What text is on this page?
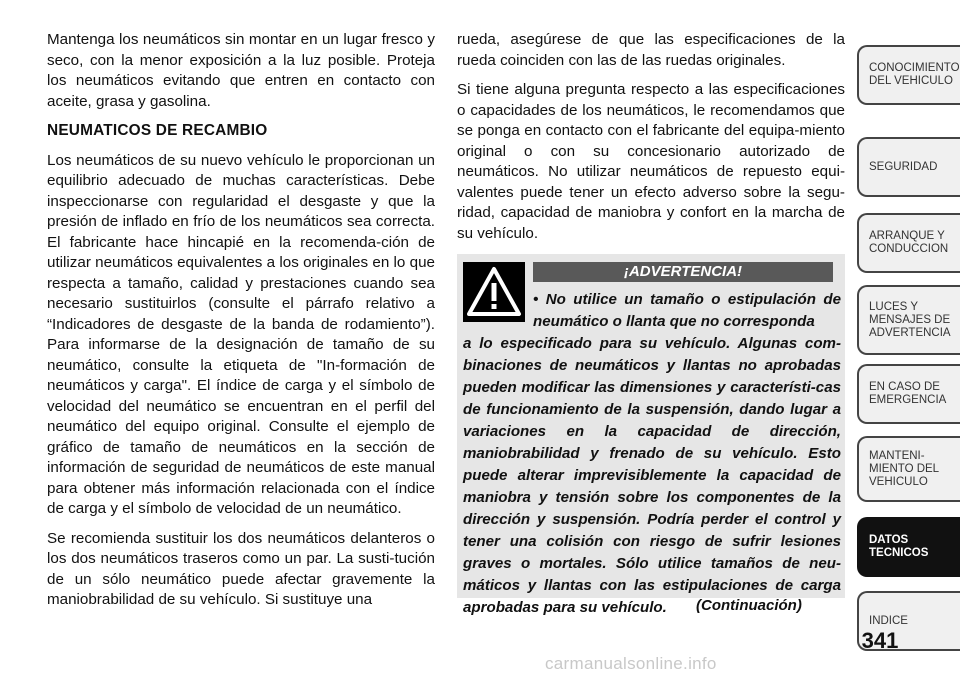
Mantenga los neumáticos sin montar en un lugar fresco y seco, con la menor exposición a la luz posible. Proteja los neumáticos evitando que entren en contacto con aceite, grasa y gasolina.

NEUMATICOS DE RECAMBIO

Los neumáticos de su nuevo vehículo le proporcionan un equilibrio adecuado de muchas características. Debe inspeccionarse con regularidad el desgaste y que la presión de inflado en frío de los neumáticos sea correcta. El fabricante hace hincapié en la recomenda-ción de utilizar neumáticos equivalentes a los originales en lo que respecta a tamaño, calidad y prestaciones cuando sea necesario sustituirlos (consulte el párrafo relativo a “Indicadores de desgaste de la banda de rodamiento”). Para informarse de la designación de tamaño de su neumático, consulte la etiqueta de "In-formación de neumáticos y carga". El índice de carga y el símbolo de velocidad del neumático se encuentran en el perfil del neumático del equipo original. Consulte el ejemplo de gráfico de tamaño de neumáticos en la sección de información de seguridad de neumáticos de este manual para obtener más información relacionada con el índice de carga y el símbolo de velocidad de un neumático.

Se recomienda sustituir los dos neumáticos delanteros o los dos neumáticos traseros como un par. La susti-tución de un sólo neumático puede afectar gravemente la maniobrabilidad de su vehículo. Si sustituye una

rueda, asegúrese de que las especificaciones de la rueda coinciden con las de las ruedas originales.

Si tiene alguna pregunta respecto a las especificaciones o capacidades de los neumáticos, le recomendamos que se ponga en contacto con el fabricante del equipa-miento original o con su concesionario autorizado de neumáticos. No utilizar neumáticos de repuesto equi-valentes puede tener un efecto adverso sobre la segu-ridad, capacidad de maniobra y confort en la marcha de su vehículo.

¡ADVERTENCIA!
• No utilice un tamaño o estipulación de neumático o llanta que no corresponda
a lo especificado para su vehículo. Algunas com-binaciones de neumáticos y llantas no aprobadas pueden modificar las dimensiones y característi-cas de funcionamiento de la suspensión, dando lugar a variaciones en la capacidad de dirección, maniobrabilidad y frenado de su vehículo. Esto puede alterar imprevisiblemente la capacidad de maniobra y tensión sobre los componentes de la dirección y suspensión. Podría perder el control y tener una colisión con riesgo de sufrir lesiones graves o mortales. Sólo utilice tamaños de neu-máticos y llantas con las estipulaciones de carga aprobadas para su vehículo.	(Continuación)
CONOCIMIENTO DEL VEHICULO
SEGURIDAD
ARRANQUE Y CONDUCCION
LUCES Y MENSAJES DE ADVERTENCIA
EN CASO DE EMERGENCIA
MANTENI-MIENTO DEL VEHICULO
DATOS TECNICOS
INDICE
341
carmanualsonline.info
